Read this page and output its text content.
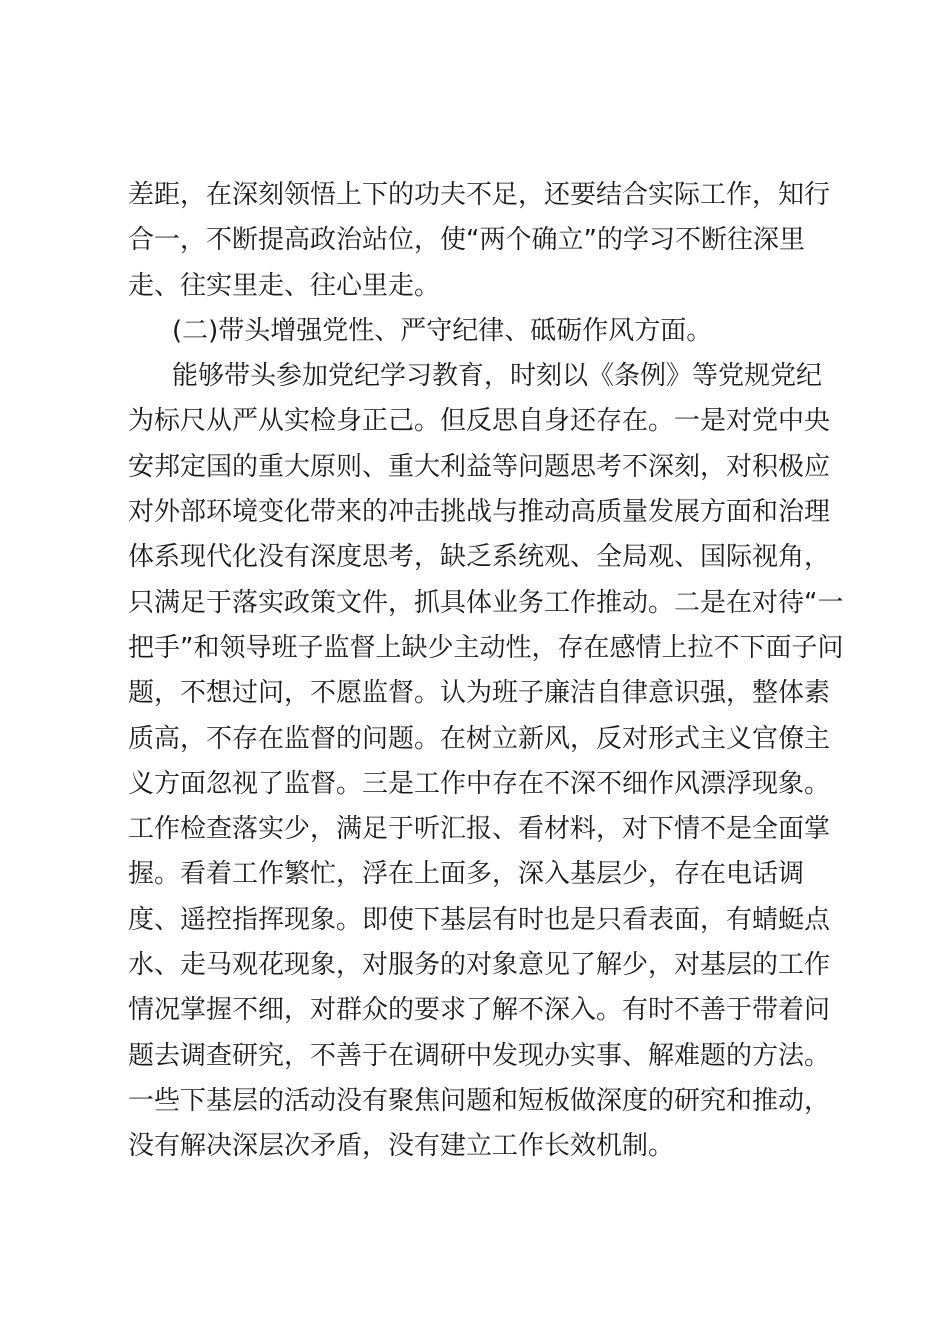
差距，在深刻领悟上下的功夫不足，还要结合实际工作，知行
合一，不断提高政治站位，使“两个确立”的学习不断往深里
走、往实里走、往心里走。
(二)带头增强党性、严守纪律、砥砺作风方面。
能够带头参加党纪学习教育，时刻以《条例》等党规党纪
为标尺从严从实检身正己。但反思自身还存在。一是对党中央
安邦定国的重大原则、重大利益等问题思考不深刻，对积极应
对外部环境变化带来的冲击挑战与推动高质量发展方面和治理
体系现代化没有深度思考，缺乏系统观、全局观、国际视角，
只满足于落实政策文件，抓具体业务工作推动。二是在对待“一
把手”和领导班子监督上缺少主动性，存在感情上拉不下面子问
题，不想过问，不愿监督。认为班子廉洁自律意识强，整体素
质高，不存在监督的问题。在树立新风，反对形式主义官僚主
义方面忽视了监督。三是工作中存在不深不细作风漂浮现象。
工作检查落实少，满足于听汇报、看材料，对下情不是全面掌
握。看着工作繁忙，浮在上面多，深入基层少，存在电话调
度、遥控指挥现象。即使下基层有时也是只看表面，有蜻蜓点
水、走马观花现象，对服务的对象意见了解少，对基层的工作
情况掌握不细，对群众的要求了解不深入。有时不善于带着问
题去调查研究，不善于在调研中发现办实事、解难题的方法。
一些下基层的活动没有聚焦问题和短板做深度的研究和推动，
没有解决深层次矛盾，没有建立工作长效机制。
